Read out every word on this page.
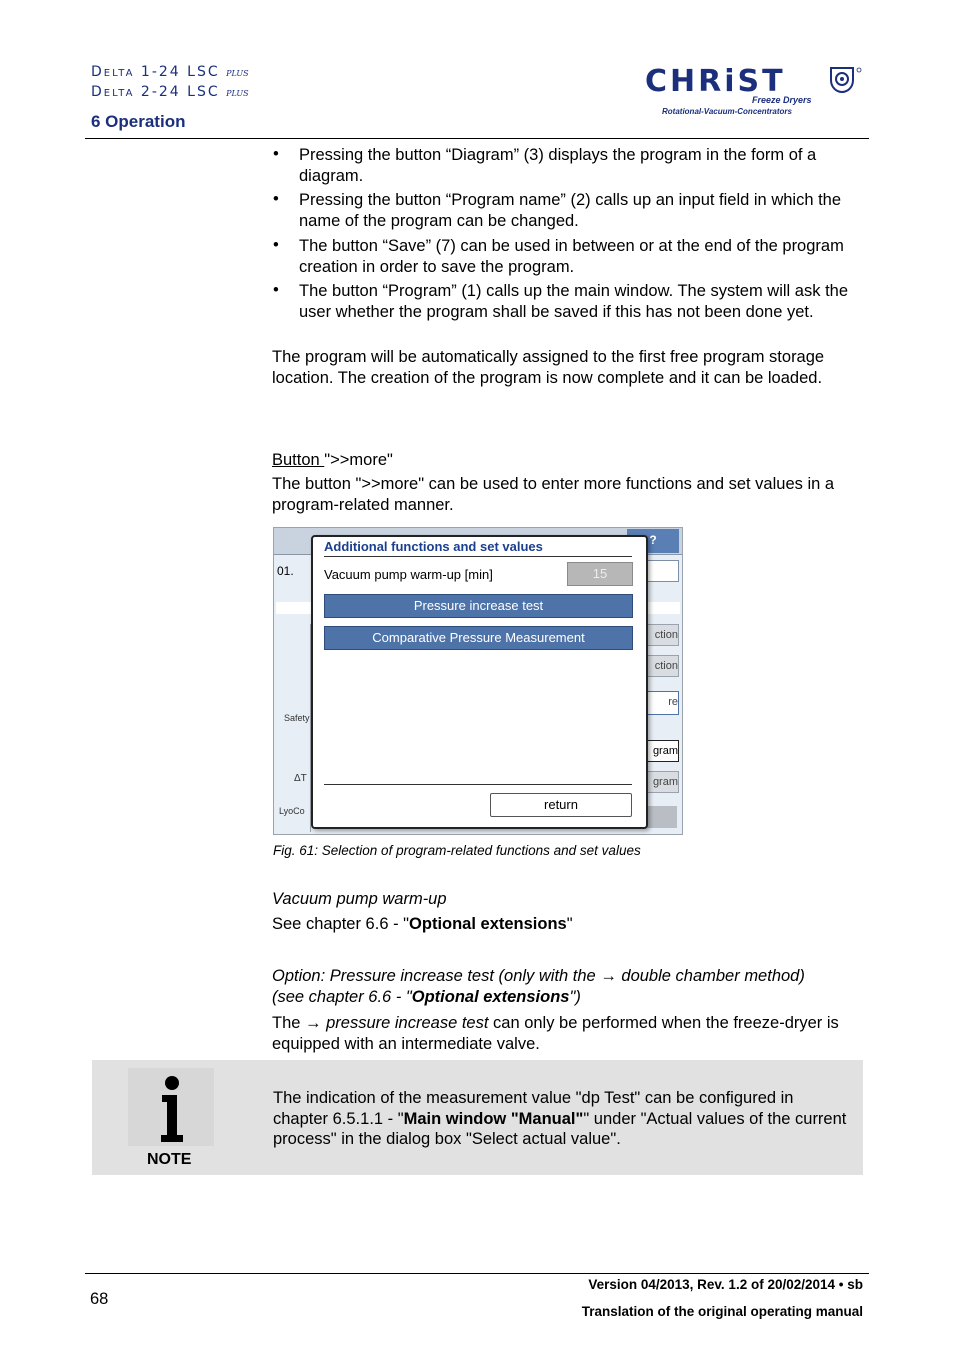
Delta 1-24 LSC plus
Delta 2-24 LSC plus
6 Operation
CHRiST
Freeze Dryers
Rotational-Vacuum-Concentrators
• Pressing the button “Diagram” (3) displays the program in the form of a diagram.
• Pressing the button “Program name” (2) calls up an input field in which the name of the program can be changed.
• The button “Save” (7) can be used in between or at the end of the program creation in order to save the program.
• The button “Program” (1) calls up the main window. The system will ask the user whether the program shall be saved if this has not been done yet.
The program will be automatically assigned to the first free program storage location. The creation of the program is now complete and it can be loaded.
Button ">>more"
The button ">>more" can be used to enter more functions and set values in a program-related manner.
?
01.
ction
ction
re
gram
gram
Safety
ΔT
LyoCo
Additional functions and set values
Vacuum pump warm-up [min]	15
Pressure increase test
Comparative Pressure Measurement
return
Fig. 61: Selection of program-related functions and set values
Vacuum pump warm-up
See chapter 6.6 - "Optional extensions"
Option: Pressure increase test (only with the → double chamber method)
(see chapter 6.6 - "Optional extensions")
The → pressure increase test can only be performed when the freeze-dryer is equipped with an intermediate valve.
NOTE
The indication of the measurement value "dp Test" can be configured in chapter 6.5.1.1 - "Main window "Manual"" under "Actual values of the current process" in the dialog box "Select actual value".
68
Version 04/2013, Rev. 1.2 of 20/02/2014 • sb
Translation of the original operating manual
